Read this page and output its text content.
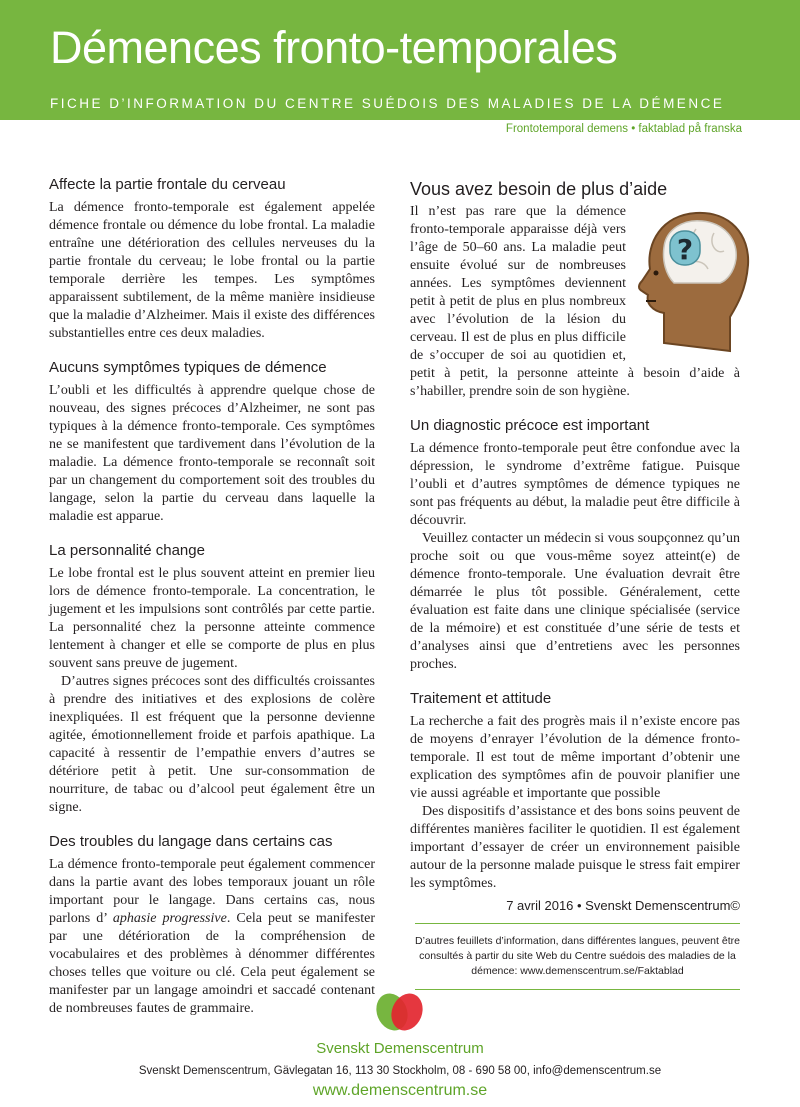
Démences fronto-temporales
FICHE D’INFORMATION DU CENTRE SUÉDOIS DES MALADIES DE LA DÉMENCE
Frontotemporal demens • faktablad på franska
Affecte la partie frontale du cerveau

La démence fronto-temporale est également appelée démence frontale ou démence du lobe frontal. La maladie entraîne une détérioration des cellules nerveuses du la partie frontale du cerveau; le lobe frontal ou la partie temporale derrière les tempes. Les symptômes apparaissent subtilement, de la même manière insidieuse que la maladie d’Alzheimer. Mais il existe des différences substantielles entre ces deux maladies.

Aucuns symptômes typiques de démence

L’oubli et les difficultés à apprendre quelque chose de nouveau, des signes précoces d’Alzheimer, ne sont pas typiques à la démence fronto-temporale. Ces symptômes ne se manifestent que tardivement dans l’évolution de la maladie. La démence fronto-temporale se reconnaît soit par un changement du comportement soit des troubles du langage, selon la partie du cerveau dans laquelle la maladie est apparue.

La personnalité change

Le lobe frontal est le plus souvent atteint en premier lieu lors de démence fronto-temporale. La concentration, le jugement et les impulsions sont contrôlés par cette partie. La personnalité chez la personne atteinte commence lentement à changer et elle se comporte de plus en plus souvent sans preuve de jugement.

D’autres signes précoces sont des difficultés croissantes à prendre des initiatives et des explosions de colère inexpliquées. Il est fréquent que la personne devienne agitée, émotionnellement froide et parfois apathique. La capacité à ressentir de l’empathie envers d’autres se détériore petit à petit. Une sur-consommation de nourriture, de tabac ou d’alcool peut également être un signe.

Des troubles du langage dans certains cas

La démence fronto-temporale peut également commencer dans la partie avant des lobes temporaux jouant un rôle important pour le langage. Dans certains cas, nous parlons d’ aphasie progressive. Cela peut se manifester par une détérioration de la compréhension de vocabulaires et des problèmes à dénommer différentes choses telles que voiture ou clé. Cela peut également se manifester par un langage amoindri et saccadé contenant de nombreuses fautes de grammaire.

Vous avez besoin de plus d’aide
?

Il n’est pas rare que la démence fronto-temporale apparaisse déjà vers l’âge de 50–60 ans. La maladie peut ensuite évolué sur de nombreuses années. Les symptômes deviennent petit à petit de plus en plus nombreux avec l’évolution de la lésion du cerveau. Il est de plus en plus difficile de s’occuper de soi au quotidien et, petit à petit, la personne atteinte à besoin d’aide à s’habiller, prendre soin de son hygiène.

Un diagnostic précoce est important

La démence fronto-temporale peut être confondue avec la dépression, le syndrome d’extrême fatigue. Puisque l’oubli et d’autres symptômes de démence typiques ne sont pas fréquents au début, la maladie peut être difficile à découvrir.

Veuillez contacter un médecin si vous soupçonnez qu’un proche soit ou que vous-même soyez atteint(e) de démence fronto-temporale. Une évaluation devrait être démarrée le plus tôt possible. Généralement, cette évaluation est faite dans une clinique spécialisée (service de la mémoire) et est constituée d’une série de tests et d’analyses ainsi que d’entretiens avec les personnes proches.

Traitement et attitude

La recherche a fait des progrès mais il n’existe encore pas de moyens d’enrayer l’évolution de la démence fronto-temporale. Il est tout de même important d’obtenir une explication des symptômes afin de pouvoir planifier une vie aussi agréable et importante que possible

Des dispositifs d’assistance et des bons soins peuvent de différentes manières faciliter le quotidien. Il est également important d’essayer de créer un environnement paisible autour de la personne malade puisque le stress fait empirer les symptômes.

7 avril 2016 • Svenskt Demenscentrum©
D’autres feuillets d’information, dans différentes langues, peuvent être consultés à partir du site Web du Centre suédois des maladies de la démence: www.demenscentrum.se/Faktablad
Svenskt Demenscentrum
Svenskt Demenscentrum, Gävlegatan 16, 113 30 Stockholm, 08 - 690 58 00, info@demenscentrum.se
www.demenscentrum.se
